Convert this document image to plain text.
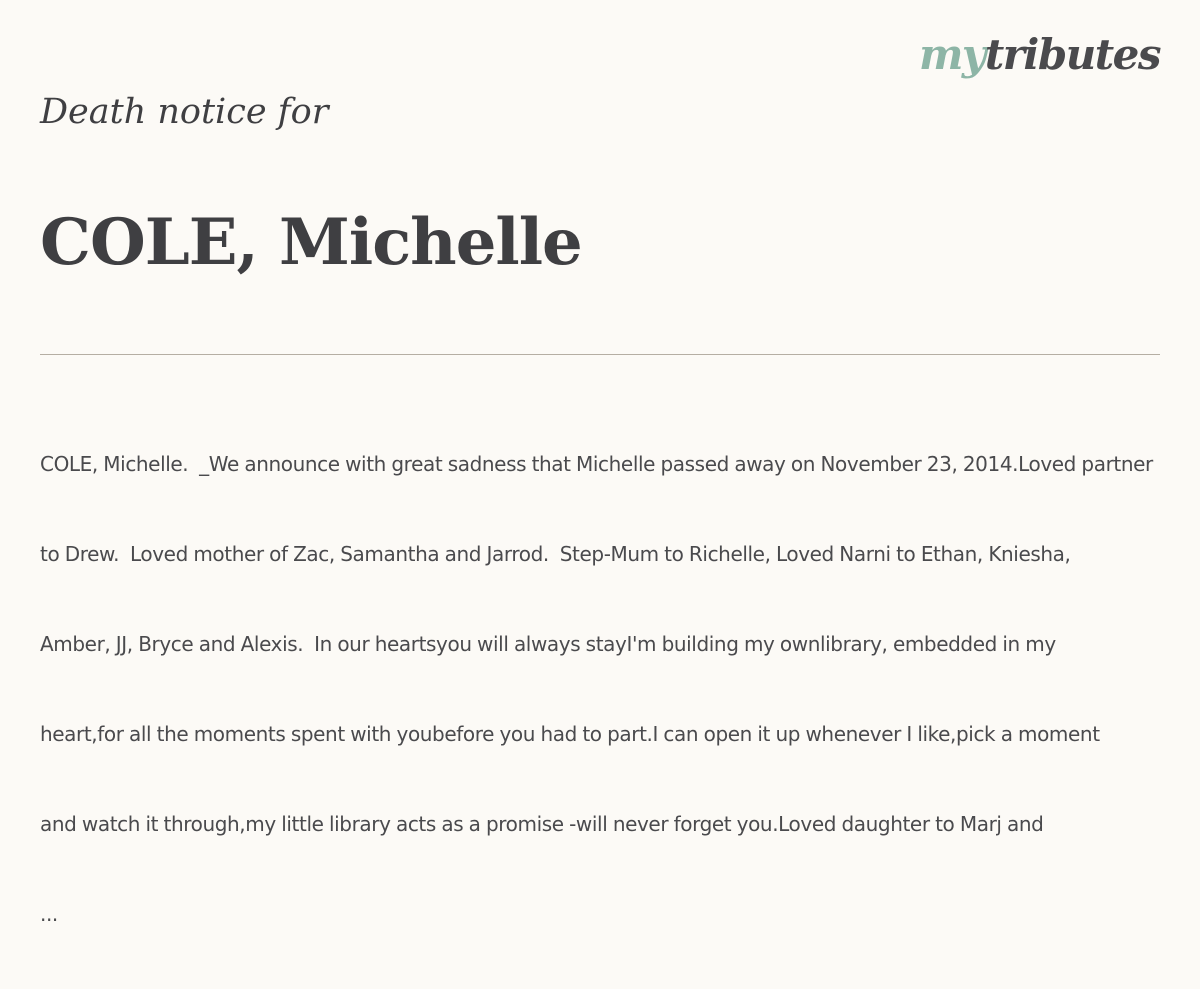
mytributes
Death notice for
COLE, Michelle

COLE, Michelle.  _We announce with great sadness that Michelle passed away on November 23, 2014.Loved partner

to Drew.  Loved mother of Zac, Samantha and Jarrod.  Step-Mum to Richelle, Loved Narni to Ethan, Kniesha,

Amber, JJ, Bryce and Alexis.  In our heartsyou will always stayI'm building my ownlibrary, embedded in my

heart,for all the moments spent with youbefore you had to part.I can open it up whenever I like,pick a moment

and watch it through,my little library acts as a promise -will never forget you.Loved daughter to Marj and

...
